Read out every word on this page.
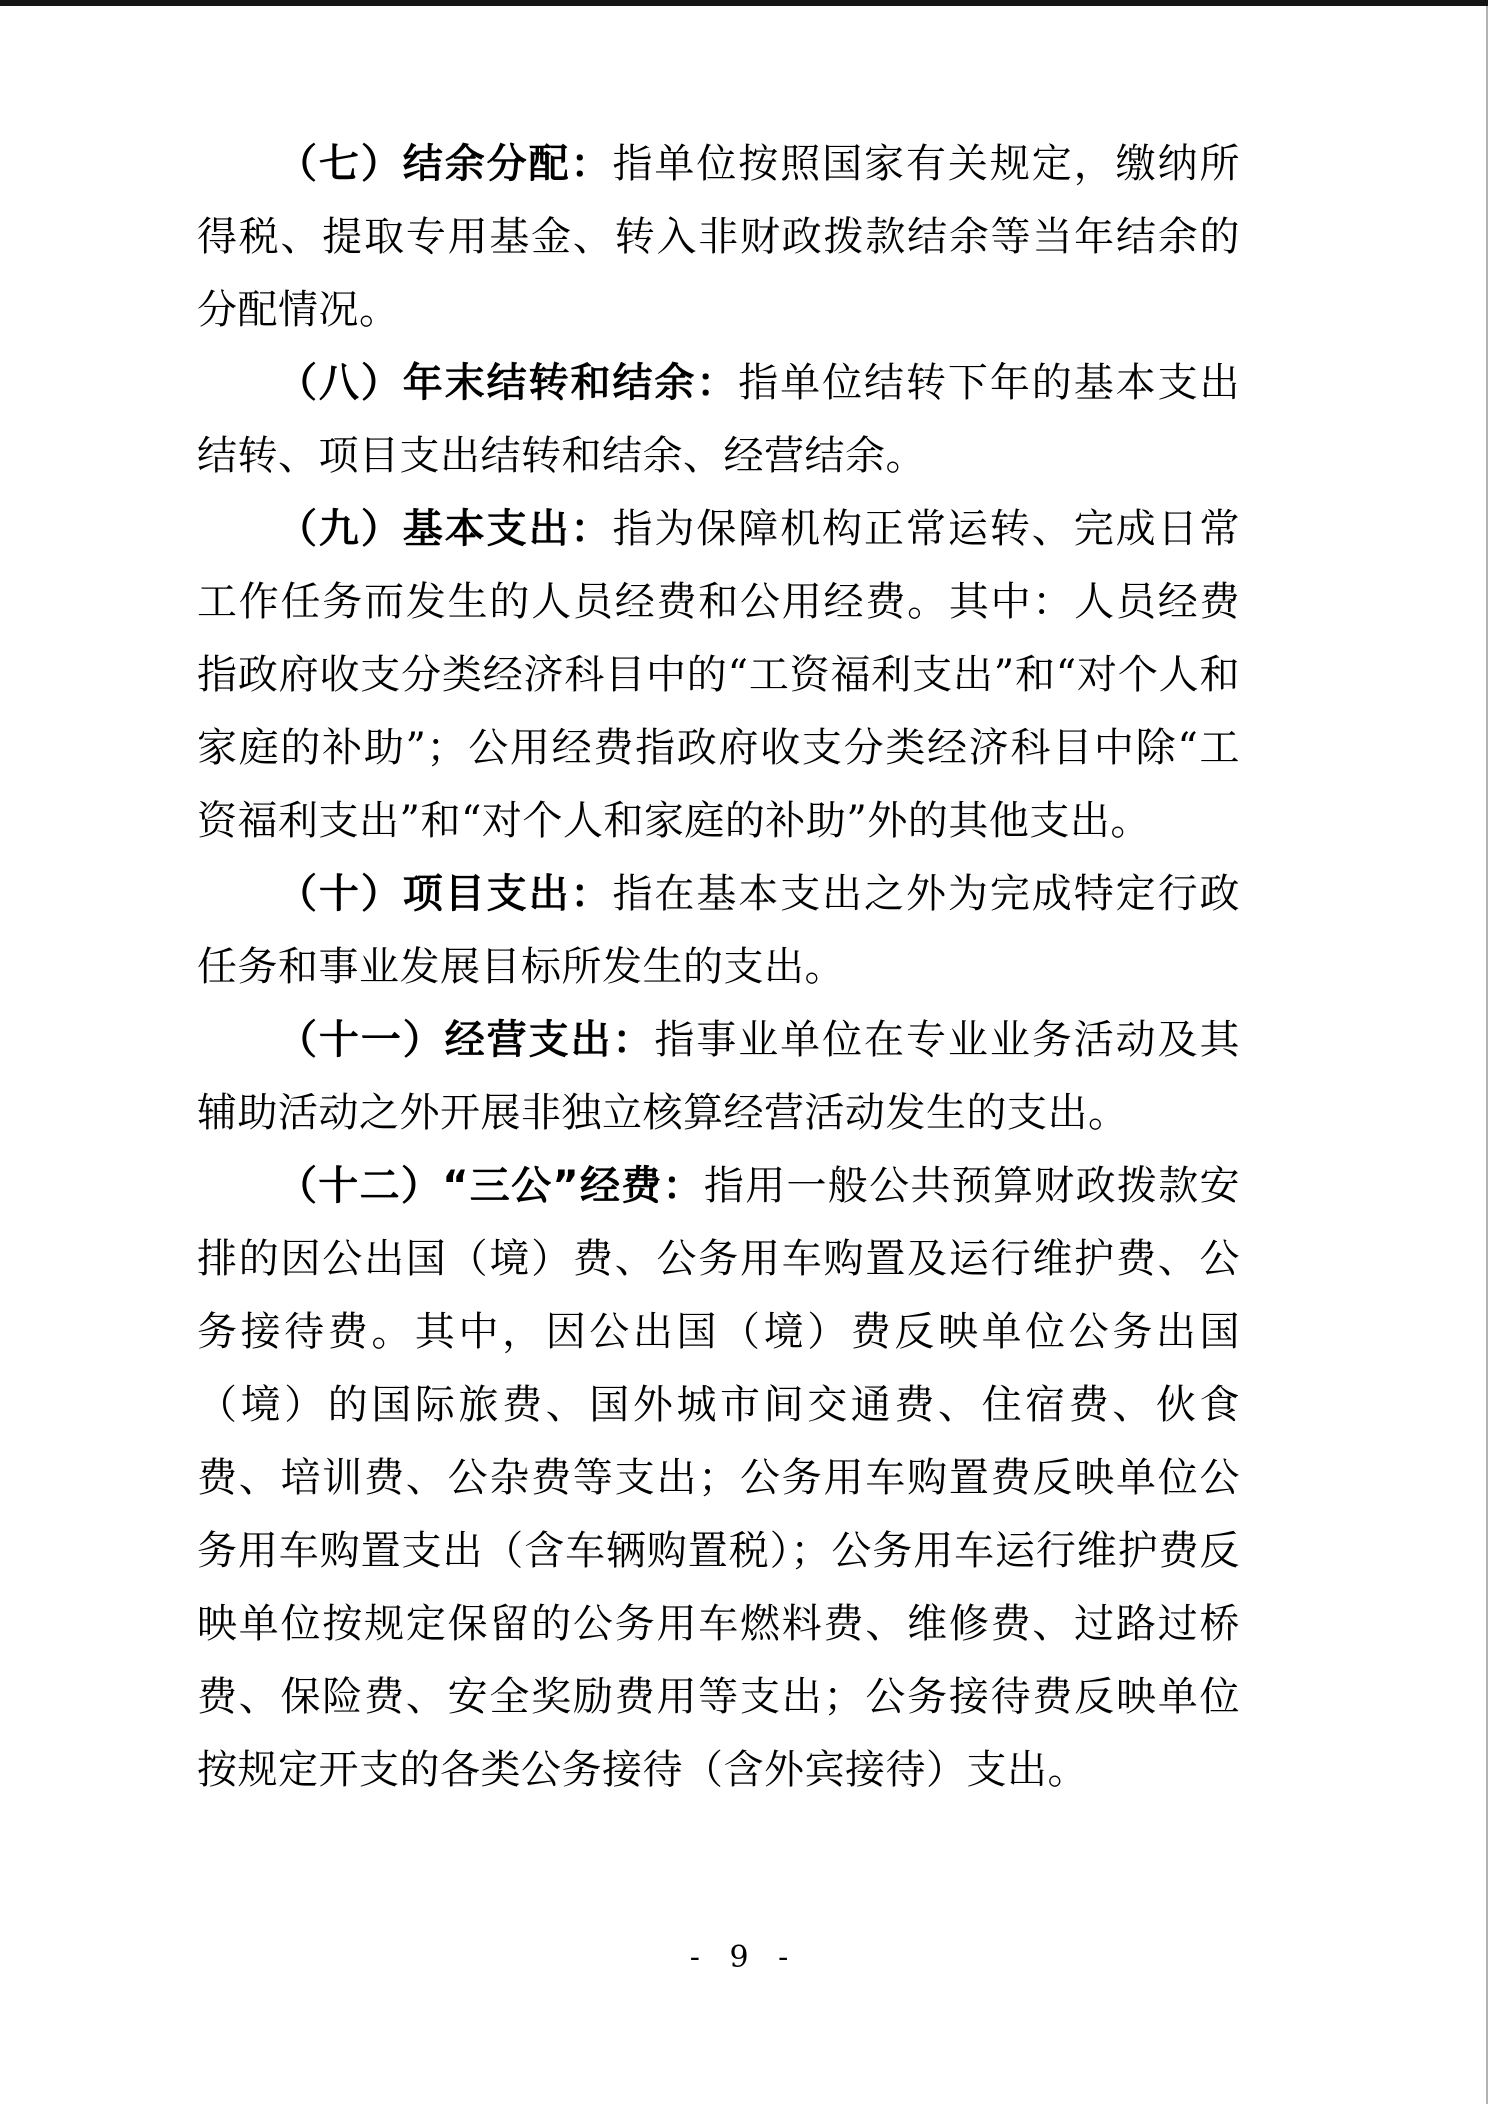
（七）结余分配：指单位按照国家有关规定，缴纳所得税、提取专用基金、转入非财政拨款结余等当年结余的分配情况。

（八）年末结转和结余：指单位结转下年的基本支出结转、项目支出结转和结余、经营结余。

（九）基本支出：指为保障机构正常运转、完成日常工作任务而发生的人员经费和公用经费。其中：人员经费指政府收支分类经济科目中的“工资福利支出”和“对个人和家庭的补助”；公用经费指政府收支分类经济科目中除“工资福利支出”和“对个人和家庭的补助”外的其他支出。

（十）项目支出：指在基本支出之外为完成特定行政任务和事业发展目标所发生的支出。

（十一）经营支出：指事业单位在专业业务活动及其辅助活动之外开展非独立核算经营活动发生的支出。

（十二）“三公”经费：指用一般公共预算财政拨款安排的因公出国（境）费、公务用车购置及运行维护费、公务接待费。其中，因公出国（境）费反映单位公务出国（境）的国际旅费、国外城市间交通费、住宿费、伙食费、培训费、公杂费等支出；公务用车购置费反映单位公务用车购置支出（含车辆购置税）；公务用车运行维护费反映单位按规定保留的公务用车燃料费、维修费、过路过桥费、保险费、安全奖励费用等支出；公务接待费反映单位按规定开支的各类公务接待（含外宾接待）支出。

- 9 -
